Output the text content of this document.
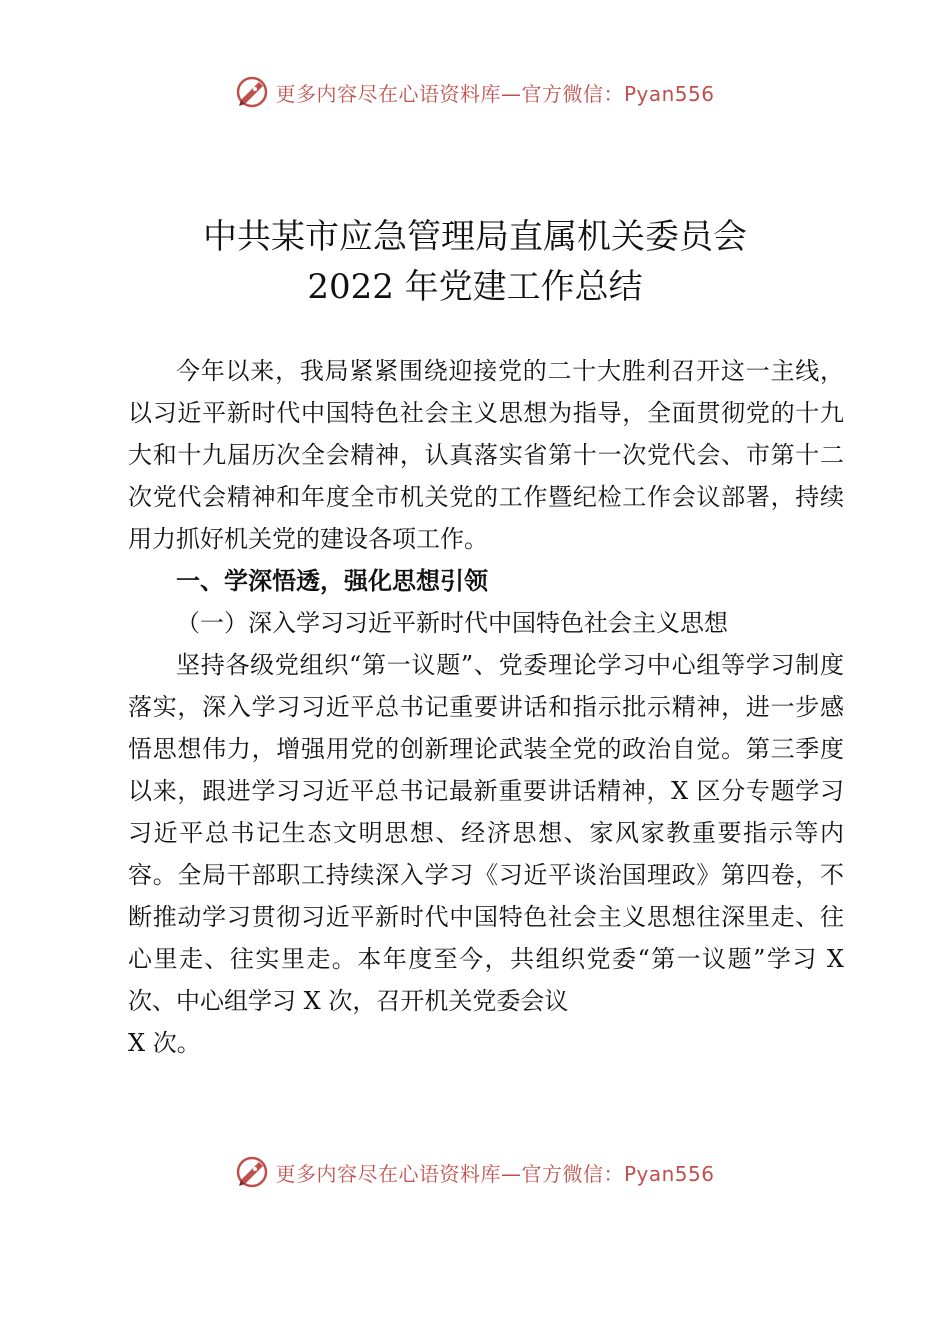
更多内容尽在心语资料库—官方微信：Pyan556
中共某市应急管理局直属机关委员会
2022 年党建工作总结

今年以来，我局紧紧围绕迎接党的二十大胜利召开这一主线，以习近平新时代中国特色社会主义思想为指导，全面贯彻党的十九大和十九届历次全会精神，认真落实省第十一次党代会、市第十二次党代会精神和年度全市机关党的工作暨纪检工作会议部署，持续用力抓好机关党的建设各项工作。

一、学深悟透，强化思想引领

（一）深入学习习近平新时代中国特色社会主义思想

坚持各级党组织“第一议题”、党委理论学习中心组等学习制度落实，深入学习习近平总书记重要讲话和指示批示精神，进一步感悟思想伟力，增强用党的创新理论武装全党的政治自觉。第三季度以来，跟进学习习近平总书记最新重要讲话精神，X 区分专题学习习近平总书记生态文明思想、经济思想、家风家教重要指示等内容。全局干部职工持续深入学习《习近平谈治国理政》第四卷，不断推动学习贯彻习近平新时代中国特色社会主义思想往深里走、往心里走、往实里走。本年度至今，共组织党委“第一议题”学习 X 次、中心组学习 X 次，召开机关党委会议

X 次。

更多内容尽在心语资料库—官方微信：Pyan556
